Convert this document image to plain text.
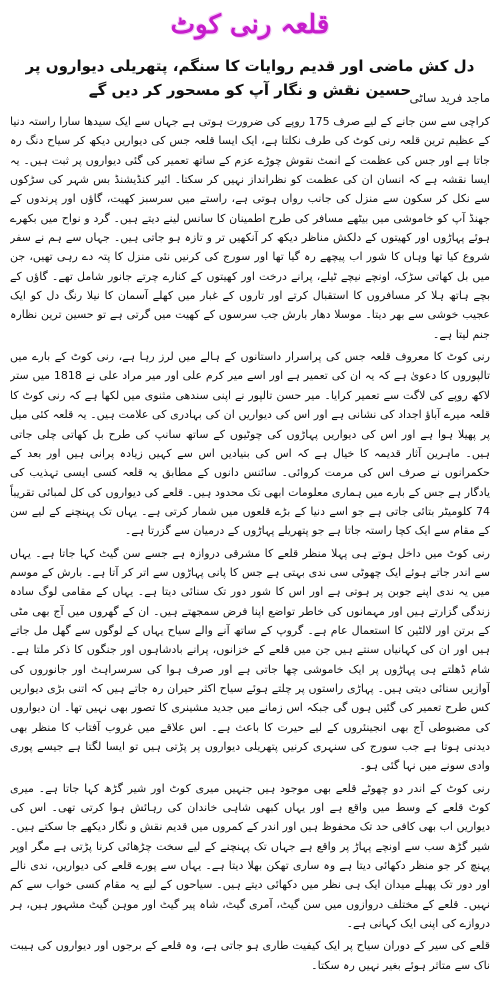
قلعہ رنی کوٹ
دل کش ماضی اور قدیم روایات کا سنگم، پتھریلی دیواروں پر حسین نقش و نگار آپ کو مسحور کر دیں گے
ماجد فرید ساٹی

کراچی سے سن جانے کے لیے صرف 175 روپے کی ضرورت ہوتی ہے جہاں سے ایک سیدھا سارا راستہ دنیا کے عظیم ترین قلعہ رنی کوٹ کی طرف نکلتا ہے، ایک ایسا قلعہ جس کی دیواریں دیکھ کر سیاح دنگ رہ جاتا ہے اور جس کی عظمت کے انمٹ نقوش چوڑے عزم کے ساتھ تعمیر کی گئی دیواروں پر ثبت ہیں۔ یہ ایسا نقشہ ہے کہ انسان ان کی عظمت کو نظرانداز نہیں کر سکتا۔ ائیر کنڈیشنڈ بس شہر کی سڑکوں سے نکل کر سکون سے منزل کی جانب رواں ہوتی ہے، راستے میں سرسبز کھیت، گاؤں اور پرندوں کے جھنڈ آپ کو خاموشی میں بیٹھے مسافر کی طرح اطمینان کا سانس لینے دیتے ہیں۔ گرد و نواح میں بکھرے ہوئے پہاڑوں اور کھیتوں کے دلکش مناظر دیکھ کر آنکھیں تر و تازہ ہو جاتی ہیں۔ جہاں سے ہم نے سفر شروع کیا تھا وہاں کا شور اب پیچھے رہ گیا تھا اور سورج کی کرنیں نئی منزل کا پتہ دے رہی تھیں، جن میں بل کھاتی سڑک، اونچے نیچے ٹیلے، پرانے درخت اور کھیتوں کے کنارے چرتے جانور شامل تھے۔ گاؤں کے بچے ہاتھ ہلا کر مسافروں کا استقبال کرتے اور تاروں کے غبار میں کھلے آسمان کا نیلا رنگ دل کو ایک عجیب خوشی سے بھر دیتا۔ موسلا دھار بارش جب سرسوں کے کھیت میں گرتی ہے تو حسین ترین نظارہ جنم لیتا ہے۔

رنی کوٹ کا معروف قلعہ جس کی پراسرار داستانوں کے ہالے میں لرز رہا ہے، رنی کوٹ کے بارے میں تالپوروں کا دعویٰ ہے کہ یہ ان کی تعمیر ہے اور اسے میر کرم علی اور میر مراد علی نے 1818 میں ستر لاکھ روپے کی لاگت سے تعمیر کرایا۔ میر حسن تالپور نے اپنی سندھی مثنوی میں لکھا ہے کہ رنی کوٹ کا قلعہ میرے آباؤ اجداد کی نشانی ہے اور اس کی دیواریں ان کی بہادری کی علامت ہیں۔ یہ قلعہ کئی میل پر پھیلا ہوا ہے اور اس کی دیواریں پہاڑوں کی چوٹیوں کے ساتھ سانپ کی طرح بل کھاتی چلی جاتی ہیں۔ ماہرین آثار قدیمہ کا خیال ہے کہ اس کی بنیادیں اس سے کہیں زیادہ پرانی ہیں اور بعد کے حکمرانوں نے صرف اس کی مرمت کروائی۔ سائنس دانوں کے مطابق یہ قلعہ کسی ایسی تہذیب کی یادگار ہے جس کے بارے میں ہماری معلومات ابھی تک محدود ہیں۔ قلعے کی دیواروں کی کل لمبائی تقریباً 74 کلومیٹر بتائی جاتی ہے جو اسے دنیا کے بڑے قلعوں میں شمار کرتی ہے۔ یہاں تک پہنچنے کے لیے سن کے مقام سے ایک کچا راستہ جاتا ہے جو پتھریلے پہاڑوں کے درمیان سے گزرتا ہے۔

رنی کوٹ میں داخل ہوتے ہی پہلا منظر قلعے کا مشرقی دروازہ ہے جسے سن گیٹ کہا جاتا ہے۔ یہاں سے اندر جاتے ہوئے ایک چھوٹی سی ندی بہتی ہے جس کا پانی پہاڑوں سے اتر کر آتا ہے۔ بارش کے موسم میں یہ ندی اپنے جوبن پر ہوتی ہے اور اس کا شور دور تک سنائی دیتا ہے۔ یہاں کے مقامی لوگ سادہ زندگی گزارتے ہیں اور مہمانوں کی خاطر تواضع اپنا فرض سمجھتے ہیں۔ ان کے گھروں میں آج بھی مٹی کے برتن اور لالٹین کا استعمال عام ہے۔ گروپ کے ساتھ آنے والے سیاح یہاں کے لوگوں سے گھل مل جاتے ہیں اور ان کی کہانیاں سنتے ہیں جن میں قلعے کے خزانوں، پرانے بادشاہوں اور جنگوں کا ذکر ملتا ہے۔ شام ڈھلتے ہی پہاڑوں پر ایک خاموشی چھا جاتی ہے اور صرف ہوا کی سرسراہٹ اور جانوروں کی آوازیں سنائی دیتی ہیں۔ پہاڑی راستوں پر چلتے ہوئے سیاح اکثر حیران رہ جاتے ہیں کہ اتنی بڑی دیواریں کس طرح تعمیر کی گئیں ہوں گی جبکہ اس زمانے میں جدید مشینری کا تصور بھی نہیں تھا۔ ان دیواروں کی مضبوطی آج بھی انجینئروں کے لیے حیرت کا باعث ہے۔ اس علاقے میں غروب آفتاب کا منظر بھی دیدنی ہوتا ہے جب سورج کی سنہری کرنیں پتھریلی دیواروں پر پڑتی ہیں تو ایسا لگتا ہے جیسے پوری وادی سونے میں نہا گئی ہو۔

رنی کوٹ کے اندر دو چھوٹے قلعے بھی موجود ہیں جنہیں میری کوٹ اور شیر گڑھ کہا جاتا ہے۔ میری کوٹ قلعے کے وسط میں واقع ہے اور یہاں کبھی شاہی خاندان کی رہائش ہوا کرتی تھی۔ اس کی دیواریں اب بھی کافی حد تک محفوظ ہیں اور اندر کے کمروں میں قدیم نقش و نگار دیکھے جا سکتے ہیں۔ شیر گڑھ سب سے اونچے پہاڑ پر واقع ہے جہاں تک پہنچنے کے لیے سخت چڑھائی کرنا پڑتی ہے مگر اوپر پہنچ کر جو منظر دکھائی دیتا ہے وہ ساری تھکن بھلا دیتا ہے۔ یہاں سے پورے قلعے کی دیواریں، ندی نالے اور دور تک پھیلے میدان ایک ہی نظر میں دکھائی دیتے ہیں۔ سیاحوں کے لیے یہ مقام کسی خواب سے کم نہیں۔ قلعے کے مختلف دروازوں میں سن گیٹ، آمری گیٹ، شاہ پیر گیٹ اور موہن گیٹ مشہور ہیں، ہر دروازے کی اپنی ایک کہانی ہے۔

قلعے کی سیر کے دوران سیاح پر ایک کیفیت طاری ہو جاتی ہے، وہ قلعے کے برجوں اور دیواروں کی ہیبت ناک سے متاثر ہوئے بغیر نہیں رہ سکتا۔
